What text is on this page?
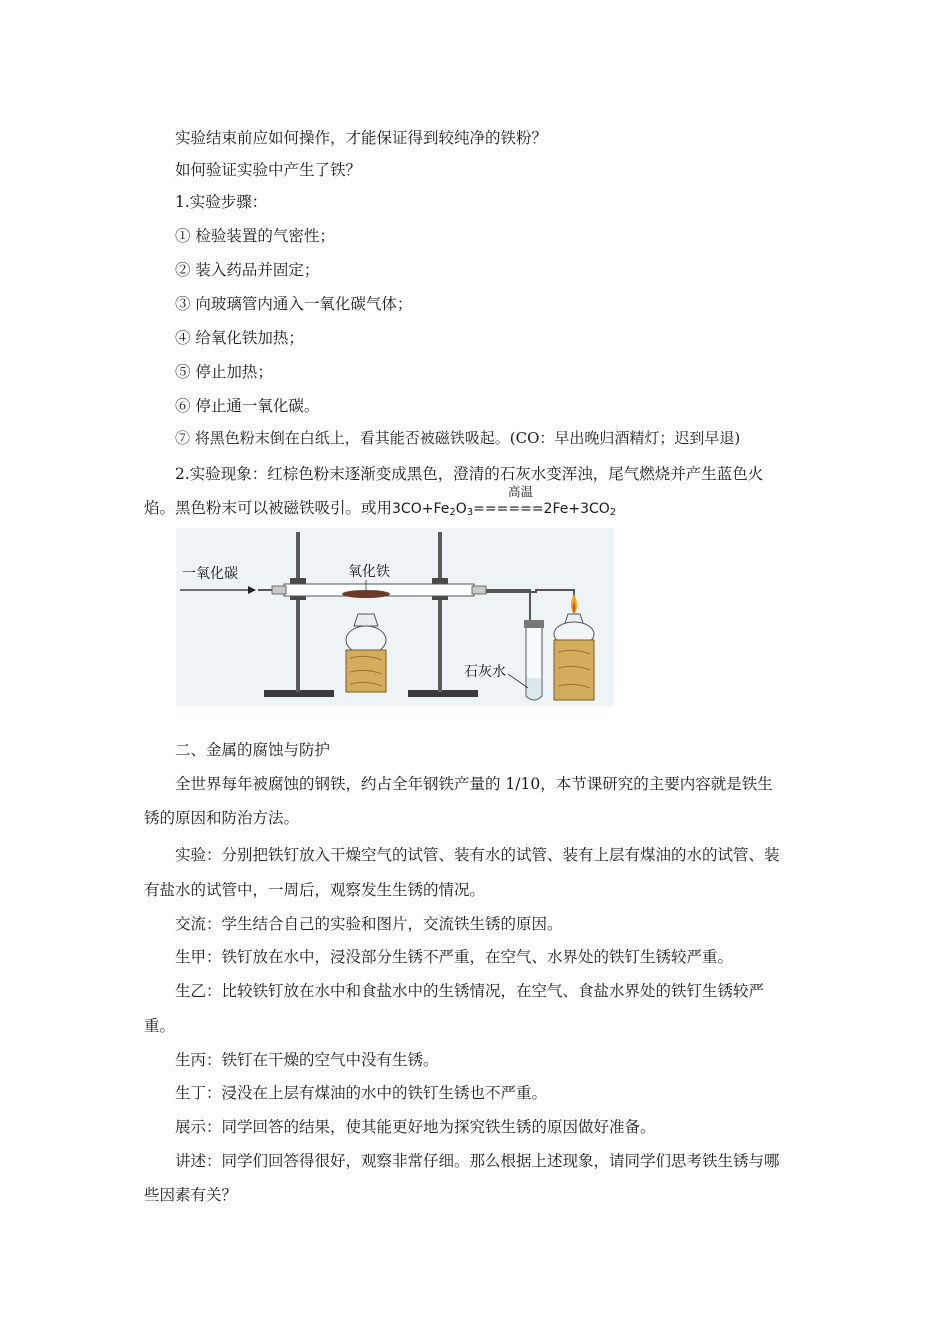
实验结束前应如何操作，才能保证得到较纯净的铁粉？

如何验证实验中产生了铁？

1.实验步骤：

① 检验装置的气密性；

② 装入药品并固定；

③ 向玻璃管内通入一氧化碳气体；

④ 给氧化铁加热；

⑤ 停止加热；

⑥ 停止通一氧化碳。

⑦ 将黑色粉末倒在白纸上，看其能否被磁铁吸起。(CO：早出晚归酒精灯；迟到早退)

2.实验现象：红棕色粉末逐渐变成黑色，澄清的石灰水变浑浊，尾气燃烧并产生蓝色火

焰。黑色粉末可以被磁铁吸引。或用
高温
$3CO+Fe_2O_3======2Fe+3CO_2$

一氧化碳	氧化铁
石灰水

二、金属的腐蚀与防护

全世界每年被腐蚀的钢铁，约占全年钢铁产量的 1/10，本节课研究的主要内容就是铁生

锈的原因和防治方法。

实验：分别把铁钉放入干燥空气的试管、装有水的试管、装有上层有煤油的水的试管、装

有盐水的试管中，一周后，观察发生生锈的情况。

交流：学生结合自己的实验和图片，交流铁生锈的原因。

生甲：铁钉放在水中，浸没部分生锈不严重，在空气、水界处的铁钉生锈较严重。

生乙：比较铁钉放在水中和食盐水中的生锈情况，在空气、食盐水界处的铁钉生锈较严

重。

生丙：铁钉在干燥的空气中没有生锈。

生丁：浸没在上层有煤油的水中的铁钉生锈也不严重。

展示：同学回答的结果，使其能更好地为探究铁生锈的原因做好准备。

讲述：同学们回答得很好，观察非常仔细。那么根据上述现象，请同学们思考铁生锈与哪

些因素有关？
